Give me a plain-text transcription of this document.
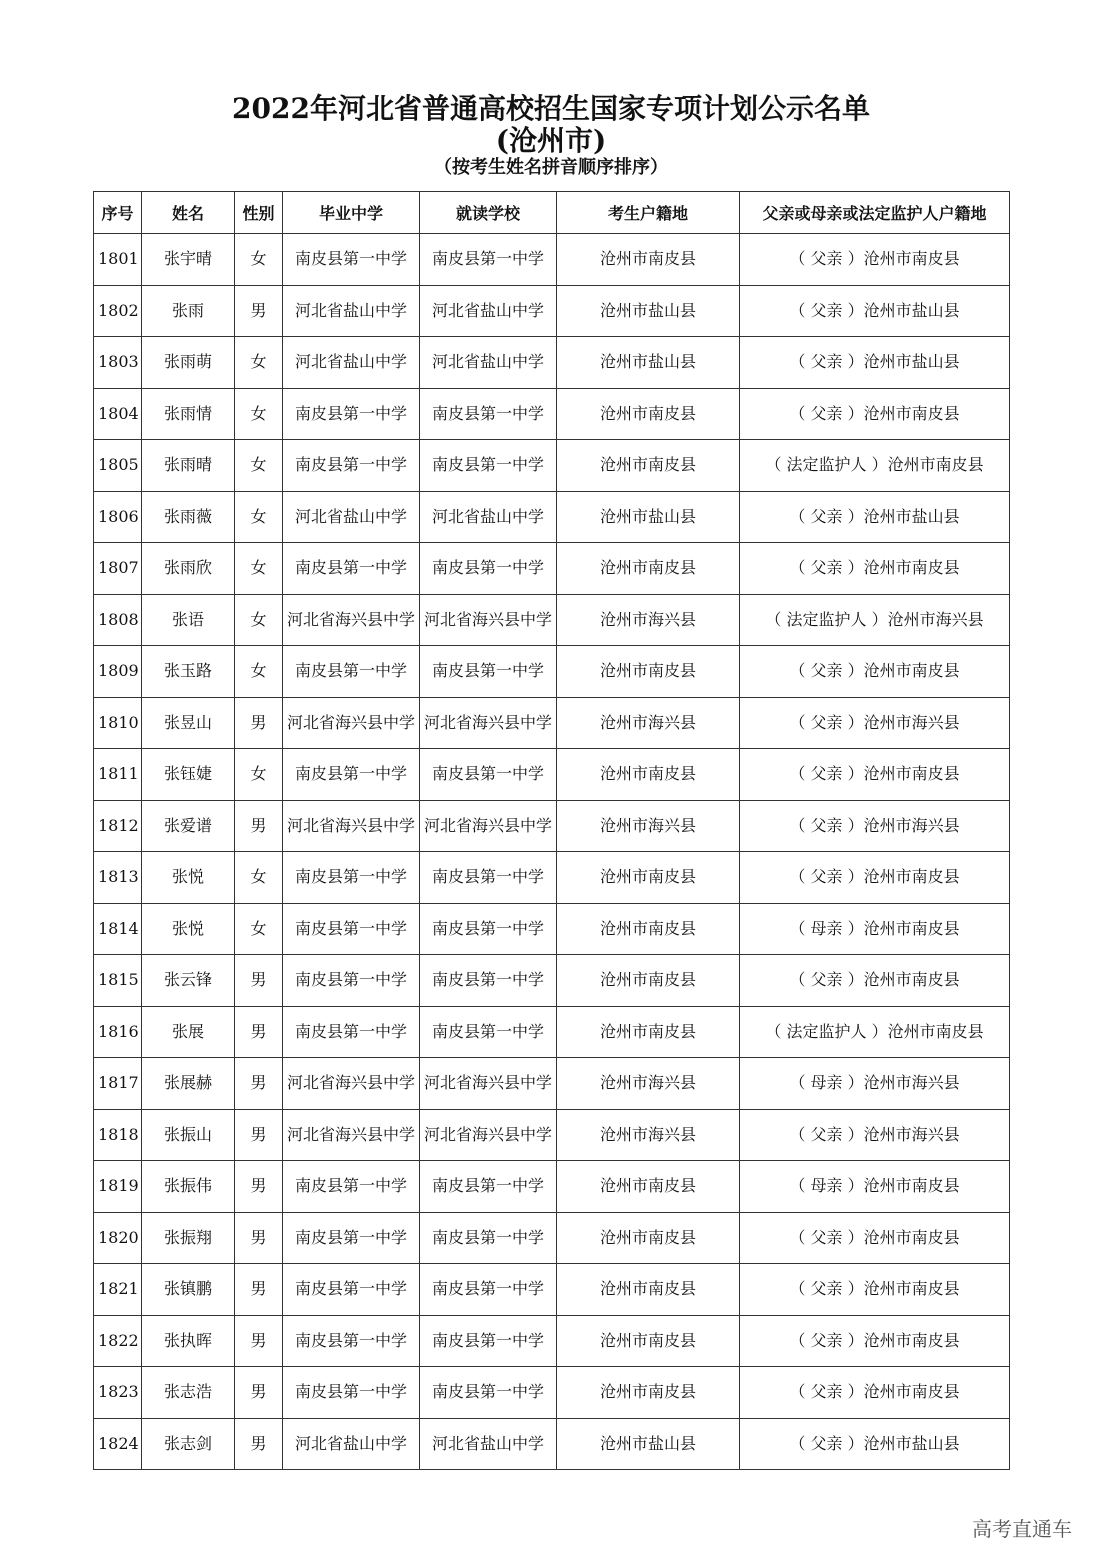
2022年河北省普通高校招生国家专项计划公示名单
(沧州市)
（按考生姓名拼音顺序排序）
序号	姓名	性别	毕业中学	就读学校	考生户籍地	父亲或母亲或法定监护人户籍地
1801	张宇晴	女	南皮县第一中学	南皮县第一中学	沧州市南皮县	（ 父亲 ）沧州市南皮县
1802	张雨	男	河北省盐山中学	河北省盐山中学	沧州市盐山县	（ 父亲 ）沧州市盐山县
1803	张雨萌	女	河北省盐山中学	河北省盐山中学	沧州市盐山县	（ 父亲 ）沧州市盐山县
1804	张雨情	女	南皮县第一中学	南皮县第一中学	沧州市南皮县	（ 父亲 ）沧州市南皮县
1805	张雨晴	女	南皮县第一中学	南皮县第一中学	沧州市南皮县	（ 法定监护人 ）沧州市南皮县
1806	张雨薇	女	河北省盐山中学	河北省盐山中学	沧州市盐山县	（ 父亲 ）沧州市盐山县
1807	张雨欣	女	南皮县第一中学	南皮县第一中学	沧州市南皮县	（ 父亲 ）沧州市南皮县
1808	张语	女	河北省海兴县中学	河北省海兴县中学	沧州市海兴县	（ 法定监护人 ）沧州市海兴县
1809	张玉路	女	南皮县第一中学	南皮县第一中学	沧州市南皮县	（ 父亲 ）沧州市南皮县
1810	张昱山	男	河北省海兴县中学	河北省海兴县中学	沧州市海兴县	（ 父亲 ）沧州市海兴县
1811	张钰婕	女	南皮县第一中学	南皮县第一中学	沧州市南皮县	（ 父亲 ）沧州市南皮县
1812	张爱谱	男	河北省海兴县中学	河北省海兴县中学	沧州市海兴县	（ 父亲 ）沧州市海兴县
1813	张悦	女	南皮县第一中学	南皮县第一中学	沧州市南皮县	（ 父亲 ）沧州市南皮县
1814	张悦	女	南皮县第一中学	南皮县第一中学	沧州市南皮县	（ 母亲 ）沧州市南皮县
1815	张云锋	男	南皮县第一中学	南皮县第一中学	沧州市南皮县	（ 父亲 ）沧州市南皮县
1816	张展	男	南皮县第一中学	南皮县第一中学	沧州市南皮县	（ 法定监护人 ）沧州市南皮县
1817	张展赫	男	河北省海兴县中学	河北省海兴县中学	沧州市海兴县	（ 母亲 ）沧州市海兴县
1818	张振山	男	河北省海兴县中学	河北省海兴县中学	沧州市海兴县	（ 父亲 ）沧州市海兴县
1819	张振伟	男	南皮县第一中学	南皮县第一中学	沧州市南皮县	（ 母亲 ）沧州市南皮县
1820	张振翔	男	南皮县第一中学	南皮县第一中学	沧州市南皮县	（ 父亲 ）沧州市南皮县
1821	张镇鹏	男	南皮县第一中学	南皮县第一中学	沧州市南皮县	（ 父亲 ）沧州市南皮县
1822	张执晖	男	南皮县第一中学	南皮县第一中学	沧州市南皮县	（ 父亲 ）沧州市南皮县
1823	张志浩	男	南皮县第一中学	南皮县第一中学	沧州市南皮县	（ 父亲 ）沧州市南皮县
1824	张志剑	男	河北省盐山中学	河北省盐山中学	沧州市盐山县	（ 父亲 ）沧州市盐山县
高考直通车
